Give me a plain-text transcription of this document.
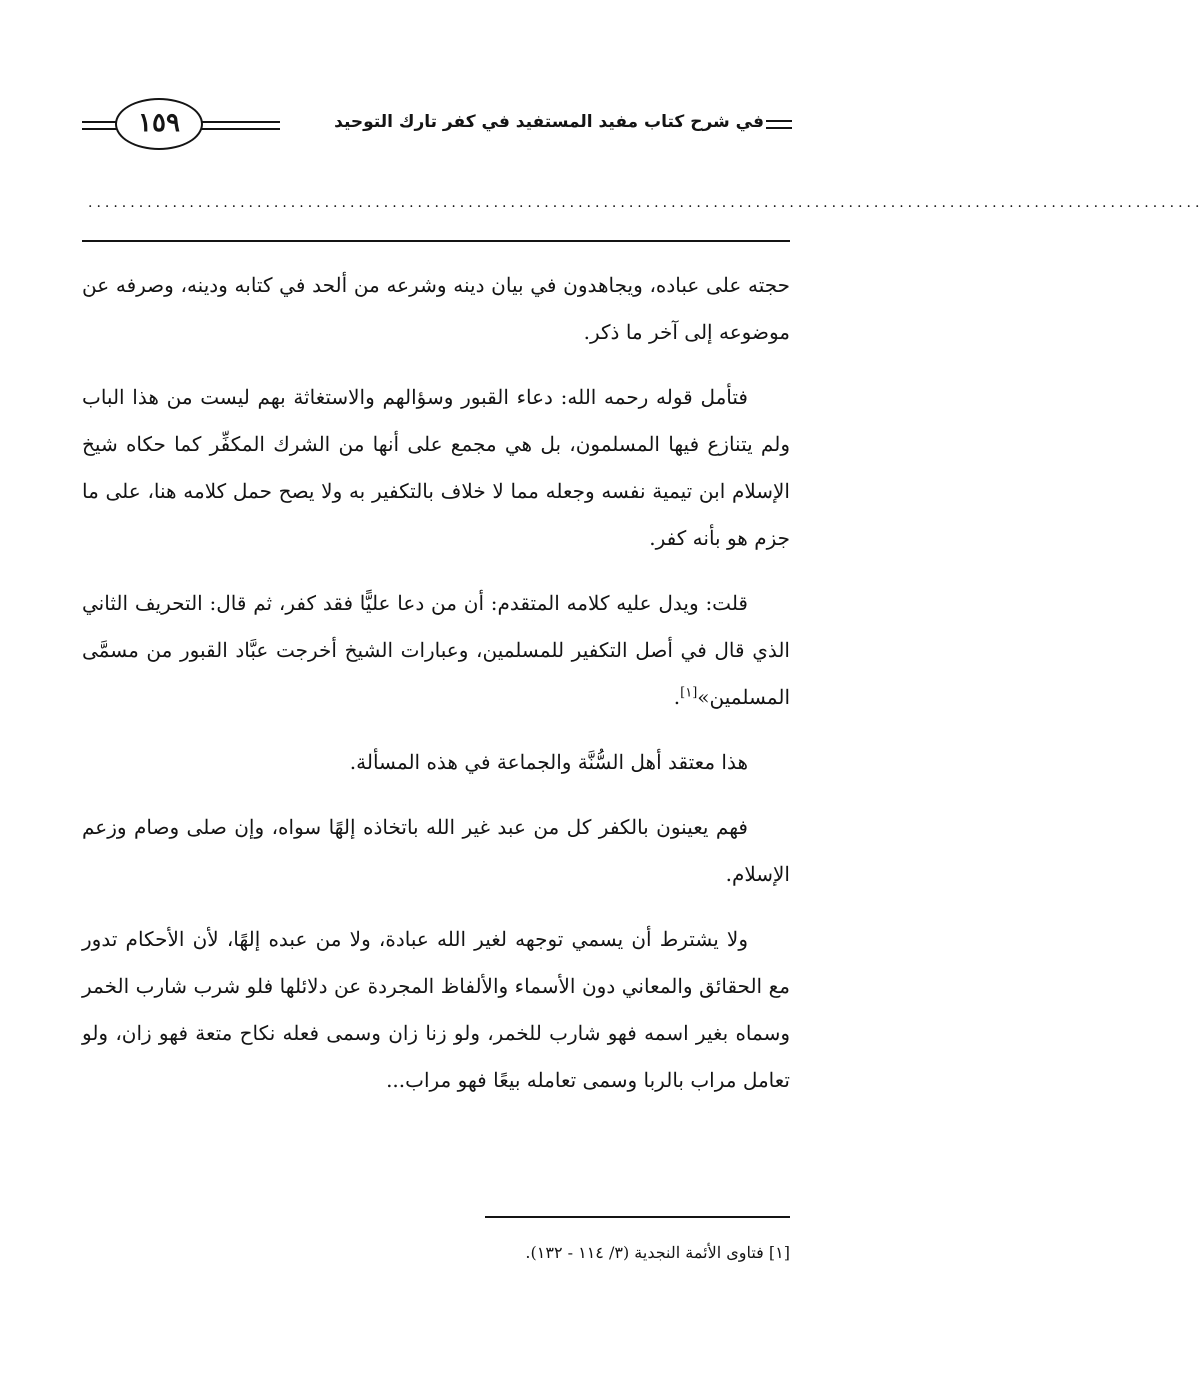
١٥٩	في شرح كتاب مفيد المستفيد في كفر تارك التوحيد
....................................................................................................................................

حجته على عباده، ويجاهدون في بيان دينه وشرعه من ألحد في كتابه ودينه، وصرفه عن موضوعه إلى آخر ما ذكر.

فتأمل قوله رحمه الله: دعاء القبور وسؤالهم والاستغاثة بهم ليست من هذا الباب ولم يتنازع فيها المسلمون، بل هي مجمع على أنها من الشرك المكفِّر كما حكاه شيخ الإسلام ابن تيمية نفسه وجعله مما لا خلاف بالتكفير به ولا يصح حمل كلامه هنا، على ما جزم هو بأنه كفر.

قلت: ويدل عليه كلامه المتقدم: أن من دعا عليًّا فقد كفر، ثم قال: التحريف الثاني الذي قال في أصل التكفير للمسلمين، وعبارات الشيخ أخرجت عبَّاد القبور من مسمَّى المسلمين»[١].

هذا معتقد أهل السُّنَّة والجماعة في هذه المسألة.

فهم يعينون بالكفر كل من عبد غير الله باتخاذه إلهًا سواه، وإن صلى وصام وزعم الإسلام.

ولا يشترط أن يسمي توجهه لغير الله عبادة، ولا من عبده إلهًا، لأن الأحكام تدور مع الحقائق والمعاني دون الأسماء والألفاظ المجردة عن دلائلها فلو شرب شارب الخمر وسماه بغير اسمه فهو شارب للخمر، ولو زنا زان وسمى فعله نكاح متعة فهو زان، ولو تعامل مراب بالربا وسمى تعامله بيعًا فهو مراب...

[١] فتاوى الأئمة النجدية (٣/ ١١٤ - ١٣٢).
